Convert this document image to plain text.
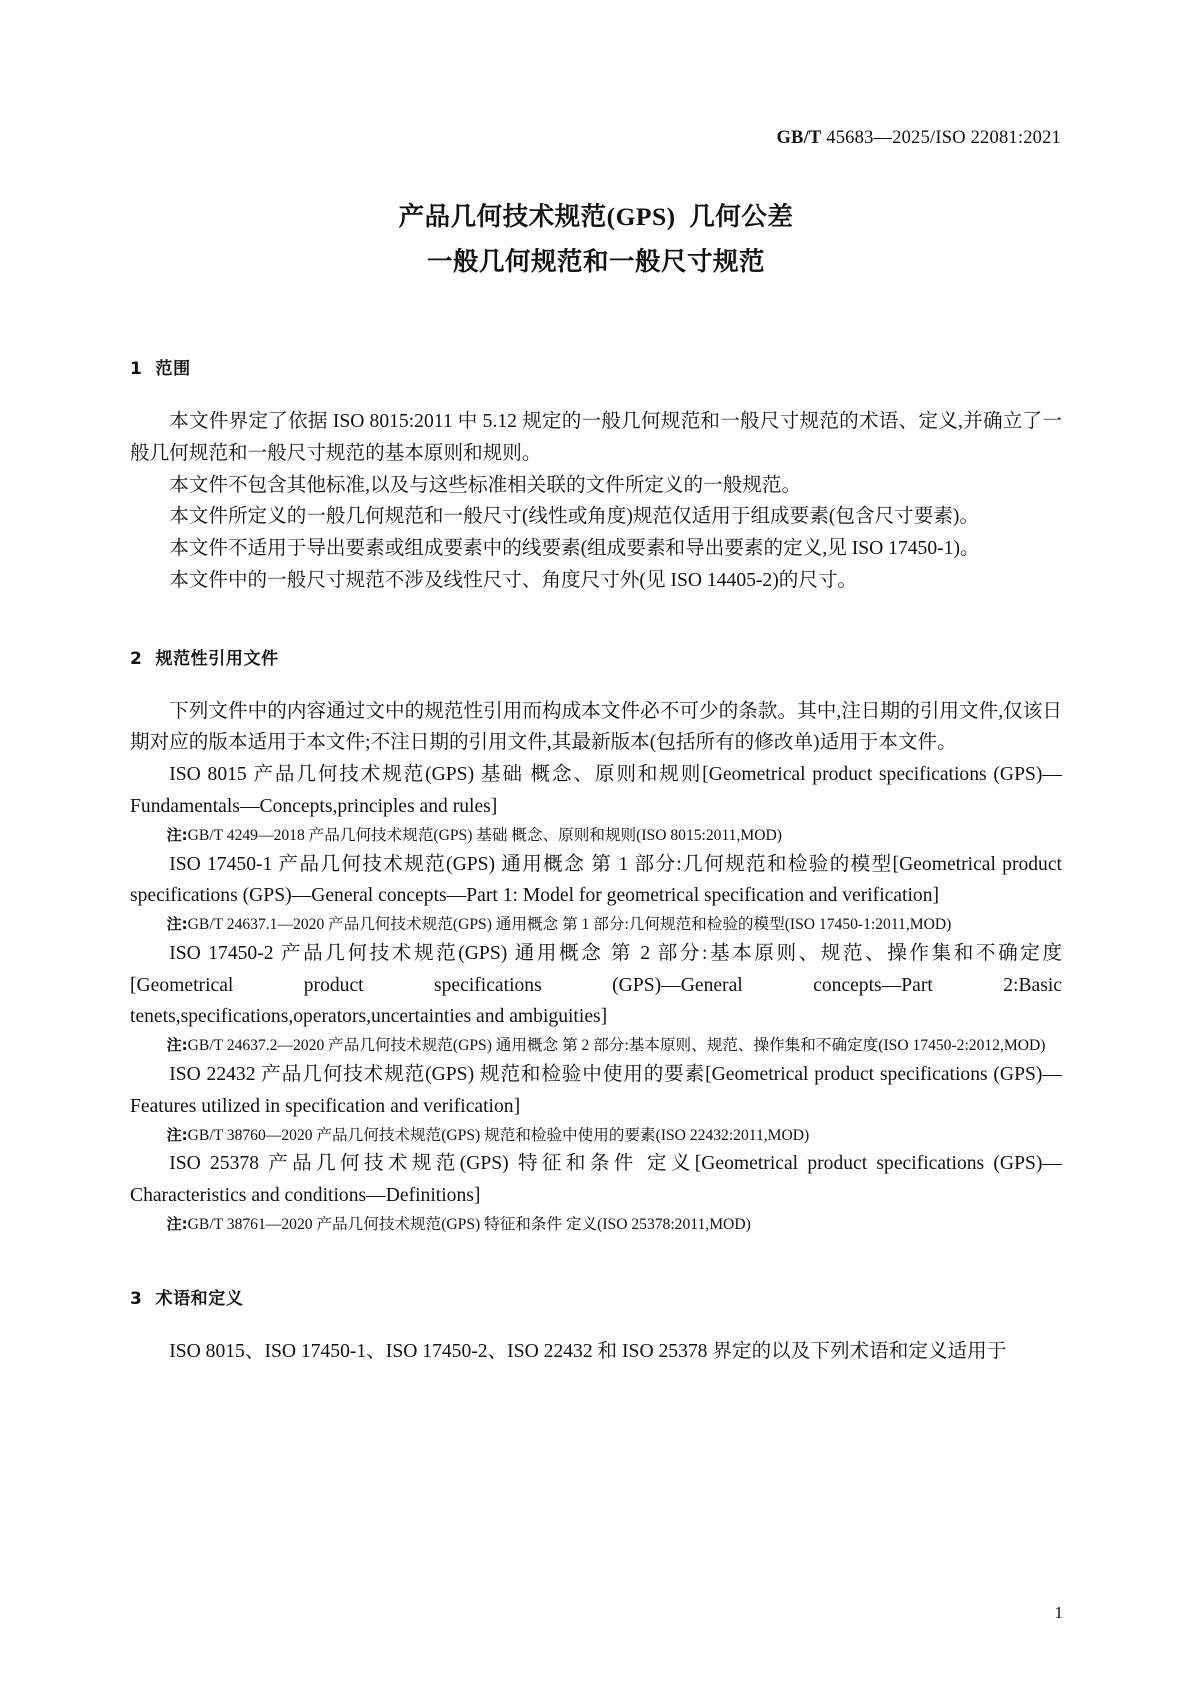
GB/T 45683—2025/ISO 22081:2021
产品几何技术规范(GPS)  几何公差
一般几何规范和一般尺寸规范
1  范围

本文件界定了依据 ISO 8015:2011 中 5.12 规定的一般几何规范和一般尺寸规范的术语、定义,并确立了一般几何规范和一般尺寸规范的基本原则和规则。

本文件不包含其他标准,以及与这些标准相关联的文件所定义的一般规范。

本文件所定义的一般几何规范和一般尺寸(线性或角度)规范仅适用于组成要素(包含尺寸要素)。

本文件不适用于导出要素或组成要素中的线要素(组成要素和导出要素的定义,见 ISO 17450-1)。

本文件中的一般尺寸规范不涉及线性尺寸、角度尺寸外(见 ISO 14405-2)的尺寸。

2  规范性引用文件

下列文件中的内容通过文中的规范性引用而构成本文件必不可少的条款。其中,注日期的引用文件,仅该日期对应的版本适用于本文件;不注日期的引用文件,其最新版本(包括所有的修改单)适用于本文件。

ISO 8015 产品几何技术规范(GPS) 基础 概念、原则和规则[Geometrical product specifications (GPS)—Fundamentals—Concepts,principles and rules]

注:GB/T 4249—2018 产品几何技术规范(GPS) 基础 概念、原则和规则(ISO 8015:2011,MOD)

ISO 17450-1 产品几何技术规范(GPS) 通用概念 第 1 部分:几何规范和检验的模型[Geometrical product specifications (GPS)—General concepts—Part 1: Model for geometrical specification and verification]

注:GB/T 24637.1—2020 产品几何技术规范(GPS) 通用概念 第 1 部分:几何规范和检验的模型(ISO 17450-1:2011,MOD)

ISO 17450-2 产品几何技术规范(GPS) 通用概念 第 2 部分:基本原则、规范、操作集和不确定度[Geometrical product specifications (GPS)—General concepts—Part 2:Basic tenets,specifications,operators,uncertainties and ambiguities]

注:GB/T 24637.2—2020 产品几何技术规范(GPS) 通用概念 第 2 部分:基本原则、规范、操作集和不确定度(ISO 17450-2:2012,MOD)

ISO 22432 产品几何技术规范(GPS) 规范和检验中使用的要素[Geometrical product specifications (GPS)—Features utilized in specification and verification]

注:GB/T 38760—2020 产品几何技术规范(GPS) 规范和检验中使用的要素(ISO 22432:2011,MOD)

ISO 25378 产品几何技术规范(GPS) 特征和条件 定义[Geometrical product specifications (GPS)—Characteristics and conditions—Definitions]

注:GB/T 38761—2020 产品几何技术规范(GPS) 特征和条件 定义(ISO 25378:2011,MOD)

3  术语和定义

ISO 8015、ISO 17450-1、ISO 17450-2、ISO 22432 和 ISO 25378 界定的以及下列术语和定义适用于

1
